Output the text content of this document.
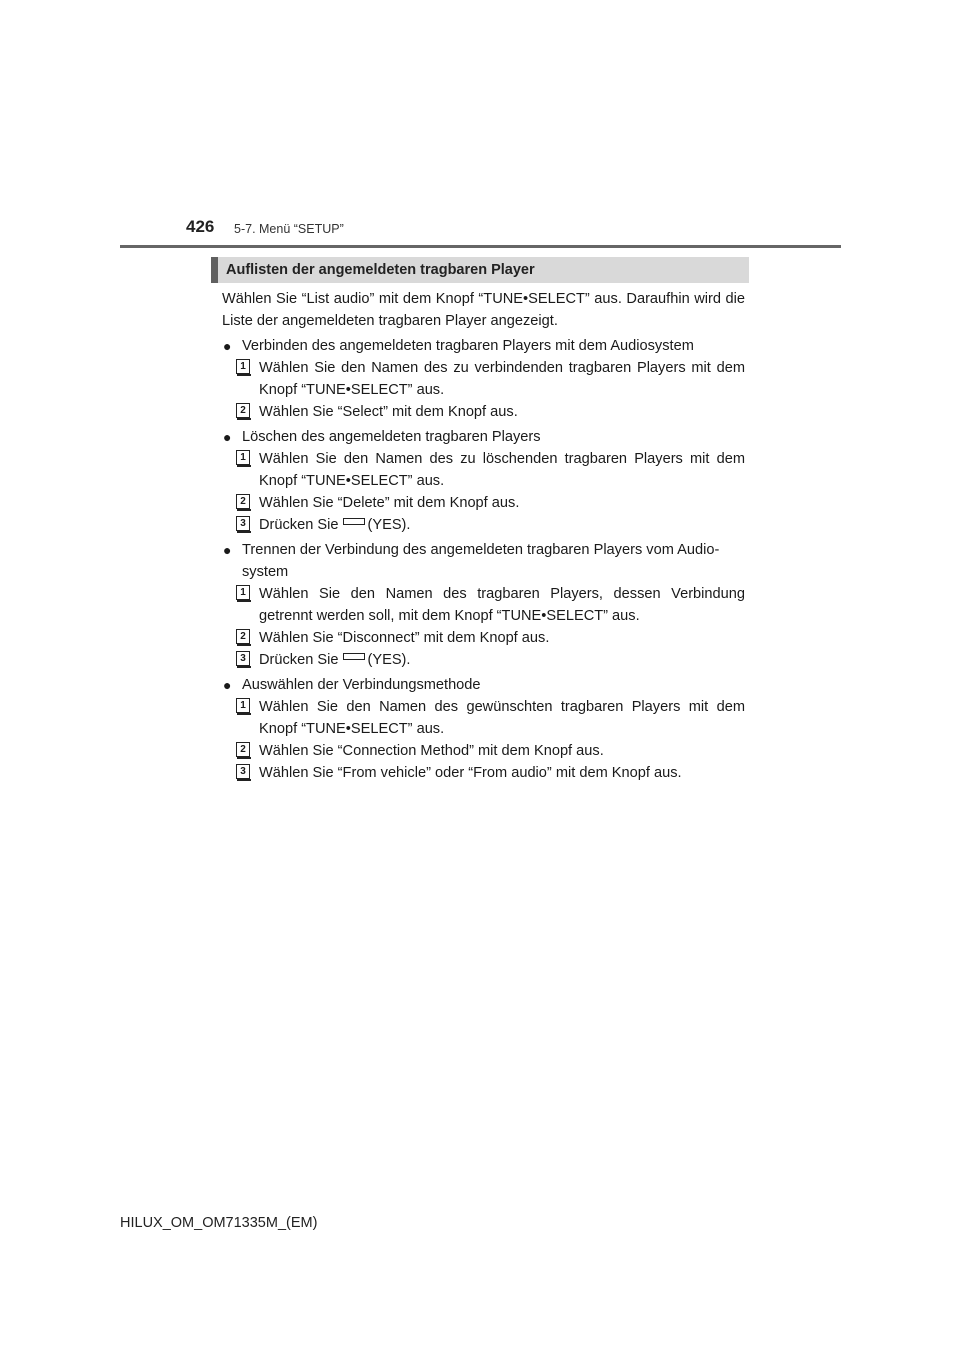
426 5-7. Menü “SETUP”
Auflisten der angemeldeten tragbaren Player

Wählen Sie “List audio” mit dem Knopf “TUNE•SELECT” aus. Daraufhin wird die Liste der angemeldeten tragbaren Player angezeigt.

● Verbinden des angemeldeten tragbaren Players mit dem Audiosystem

1 Wählen Sie den Namen des zu verbindenden tragbaren Players mit dem Knopf “TUNE•SELECT” aus.

2 Wählen Sie “Select” mit dem Knopf aus.

● Löschen des angemeldeten tragbaren Players

1 Wählen Sie den Namen des zu löschenden tragbaren Players mit dem Knopf “TUNE•SELECT” aus.

2 Wählen Sie “Delete” mit dem Knopf aus.

3 Drücken Sie (YES).

● Trennen der Verbindung des angemeldeten tragbaren Players vom Audio-system

1 Wählen Sie den Namen des tragbaren Players, dessen Verbindung getrennt werden soll, mit dem Knopf “TUNE•SELECT” aus.

2 Wählen Sie “Disconnect” mit dem Knopf aus.

3 Drücken Sie (YES).

● Auswählen der Verbindungsmethode

1 Wählen Sie den Namen des gewünschten tragbaren Players mit dem Knopf “TUNE•SELECT” aus.

2 Wählen Sie “Connection Method” mit dem Knopf aus.

3 Wählen Sie “From vehicle” oder “From audio” mit dem Knopf aus.

HILUX_OM_OM71335M_(EM)
